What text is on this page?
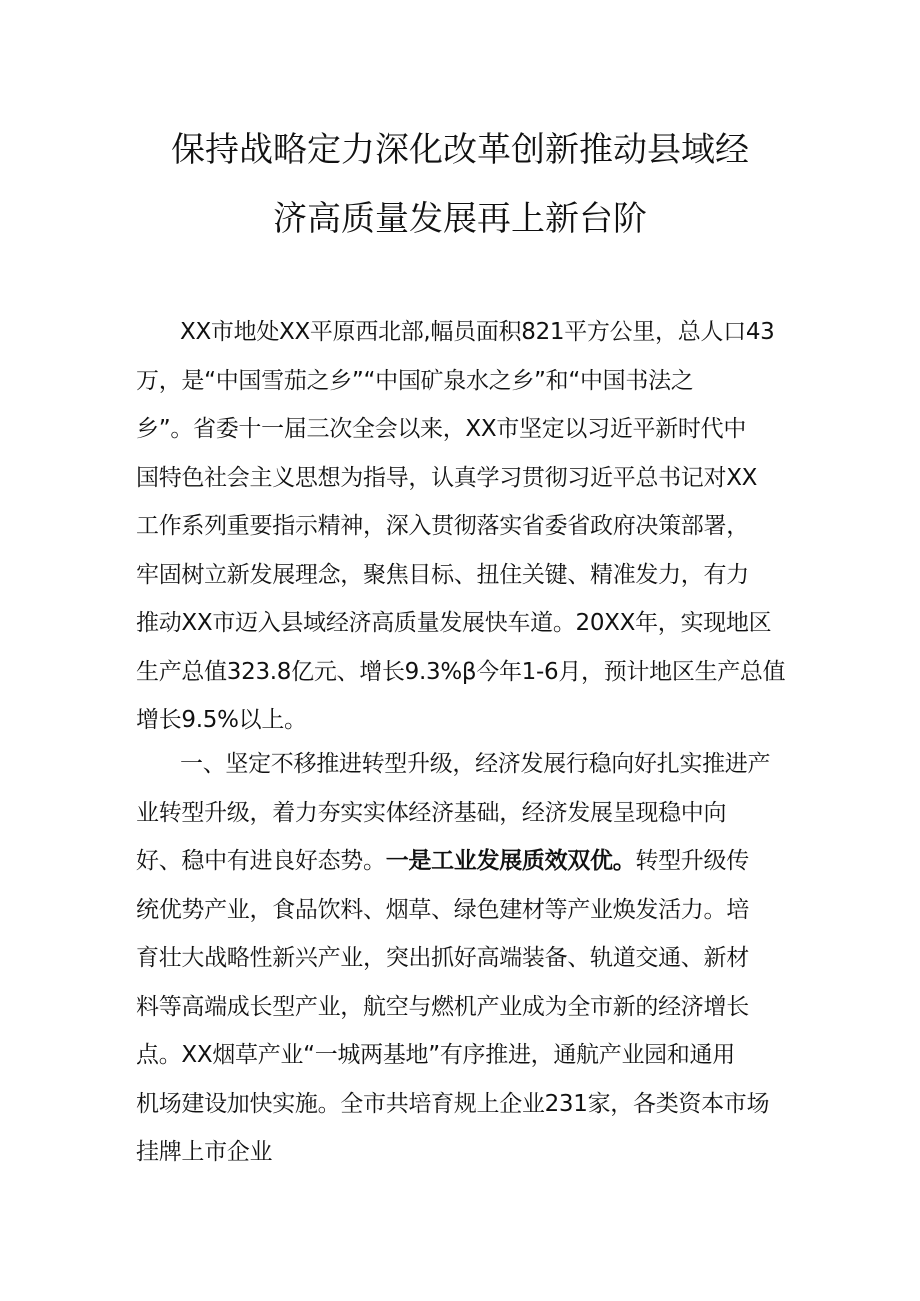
保持战略定力深化改革创新推动县域经
济高质量发展再上新台阶
XX市地处XX平原西北部,幅员面积821平方公里，总人口43
万，是“中国雪茄之乡”“中国矿泉水之乡”和“中国书法之
乡”。省委十一届三次全会以来，XX市坚定以习近平新时代中
国特色社会主义思想为指导，认真学习贯彻习近平总书记对XX
工作系列重要指示精神，深入贯彻落实省委省政府决策部署，
牢固树立新发展理念，聚焦目标、扭住关键、精准发力，有力
推动XX市迈入县域经济高质量发展快车道。20XX年，实现地区
生产总值323.8亿元、增长9.3%β今年1-6月，预计地区生产总值
增长9.5%以上。
一、坚定不移推进转型升级，经济发展行稳向好扎实推进产
业转型升级，着力夯实实体经济基础，经济发展呈现稳中向
好、稳中有进良好态势。一是工业发展质效双优。转型升级传
统优势产业，食品饮料、烟草、绿色建材等产业焕发活力。培
育壮大战略性新兴产业，突出抓好高端装备、轨道交通、新材
料等高端成长型产业，航空与燃机产业成为全市新的经济增长
点。XX烟草产业“一城两基地”有序推进，通航产业园和通用
机场建设加快实施。全市共培育规上企业231家，各类资本市场
挂牌上市企业
